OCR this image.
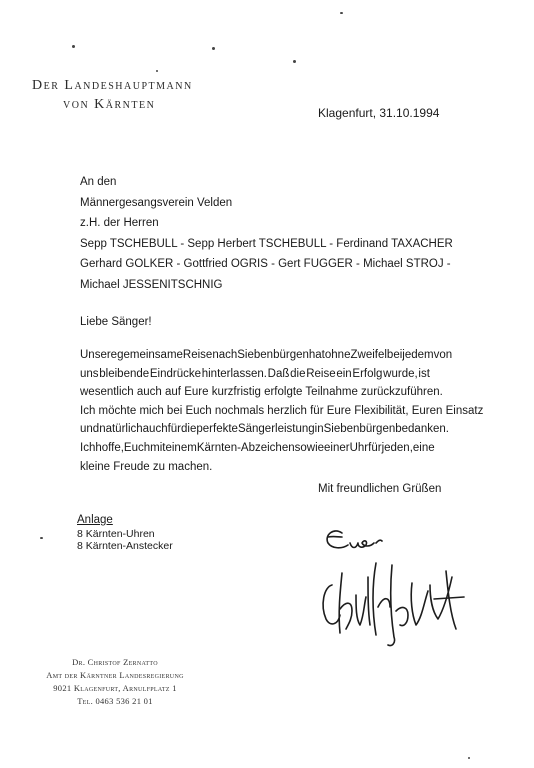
Der Landeshauptmann
von Kärnten
Klagenfurt, 31.10.1994
An den
Männergesangsverein Velden
z.H. der Herren
Sepp TSCHEBULL - Sepp Herbert TSCHEBULL - Ferdinand TAXACHER
Gerhard GOLKER - Gottfried OGRIS - Gert FUGGER - Michael STROJ -
Michael JESSENITSCHNIG
Liebe Sänger!
Unsere gemeinsame Reise nach Siebenbürgen hat ohne Zweifel bei jedem von
uns bleibende Eindrücke hinterlassen. Daß die Reise ein Erfolg wurde, ist
wesentlich auch auf Eure kurzfristig erfolgte Teilnahme zurückzuführen.
Ich möchte mich bei Euch nochmals herzlich für Eure Flexibilität, Euren Einsatz
und natürlich auch für die perfekte Sängerleistung in Siebenbürgen bedanken.
Ich hoffe, Euch mit einem Kärnten-Abzeichen sowie einer Uhr für jeden, eine
kleine Freude zu machen.
Mit freundlichen Grüßen
Anlage
8 Kärnten-Uhren
8 Kärnten-Anstecker
Dr. Christof Zernatto
Amt der Kärntner Landesregierung
9021 Klagenfurt, Arnulfplatz 1
Tel. 0463 536 21 01
